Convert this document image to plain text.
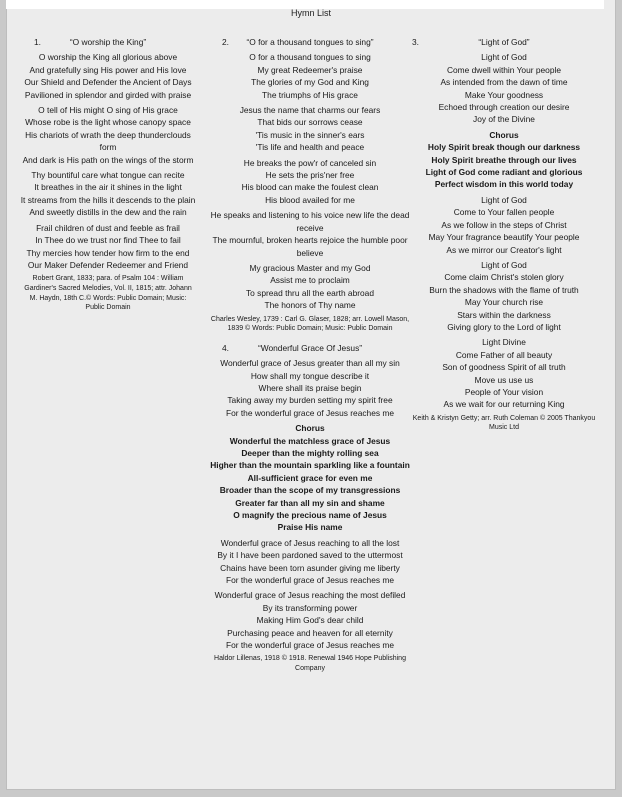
Hymn List
1.	“O worship the King”
O worship the King all glorious above
And gratefully sing His power and His love
Our Shield and Defender the Ancient of Days
Pavilioned in splendor and girded with praise
O tell of His might O sing of His grace
Whose robe is the light whose canopy space
His chariots of wrath the deep thunderclouds form
And dark is His path on the wings of the storm
Thy bountiful care what tongue can recite
It breathes in the air it shines in the light
It streams from the hills it descends to the plain
And sweetly distills in the dew and the rain
Frail children of dust and feeble as frail
In Thee do we trust nor find Thee to fail
Thy mercies how tender how firm to the end
Our Maker Defender Redeemer and Friend
Robert Grant, 1833; para. of Psalm 104 : William Gardiner's Sacred Melodies, Vol. II, 1815; attr. Johann M. Haydn, 18th C.© Words: Public Domain; Music: Public Domain
2. “O for a thousand tongues to sing”
O for a thousand tongues to sing
My great Redeemer's praise
The glories of my God and King
The triumphs of His grace
Jesus the name that charms our fears
That bids our sorrows cease
'Tis music in the sinner's ears
'Tis life and health and peace
He breaks the pow'r of canceled sin
He sets the pris'ner free
His blood can make the foulest clean
His blood availed for me
He speaks and listening to his voice new life the dead receive
The mournful, broken hearts rejoice the humble poor believe
My gracious Master and my God
Assist me to proclaim
To spread thru all the earth abroad
The honors of Thy name
Charles Wesley, 1739 : Carl G. Glaser, 1828; arr. Lowell Mason, 1839 © Words: Public Domain; Music: Public Domain
4.	“Wonderful Grace Of Jesus”
Wonderful grace of Jesus greater than all my sin
How shall my tongue describe it
Where shall its praise begin
Taking away my burden setting my spirit free
For the wonderful grace of Jesus reaches me
Chorus
Wonderful the matchless grace of Jesus
Deeper than the mighty rolling sea
Higher than the mountain sparkling like a fountain
All-sufficient grace for even me
Broader than the scope of my transgressions
Greater far than all my sin and shame
O magnify the precious name of Jesus
Praise His name
Wonderful grace of Jesus reaching to all the lost
By it I have been pardoned saved to the uttermost
Chains have been torn asunder giving me liberty
For the wonderful grace of Jesus reaches me
Wonderful grace of Jesus reaching the most defiled
By its transforming power
Making Him God's dear child
Purchasing peace and heaven for all eternity
For the wonderful grace of Jesus reaches me
Haldor Lillenas, 1918 © 1918. Renewal 1946 Hope Publishing Company
3.	“Light of God”
Light of God
Come dwell within Your people
As intended from the dawn of time
Make Your goodness
Echoed through creation our desire
Joy of the Divine
Chorus
Holy Spirit break though our darkness
Holy Spirit breathe through our lives
Light of God come radiant and glorious
Perfect wisdom in this world today
Light of God
Come to Your fallen people
As we follow in the steps of Christ
May Your fragrance beautify Your people
As we mirror our Creator's light
Light of God
Come claim Christ's stolen glory
Burn the shadows with the flame of truth
May Your church rise
Stars within the darkness
Giving glory to the Lord of light
Light Divine
Come Father of all beauty
Son of goodness Spirit of all truth
Move us use us
People of Your vision
As we wait for our returning King
Keith & Kristyn Getty; arr. Ruth Coleman © 2005 Thankyou Music Ltd
